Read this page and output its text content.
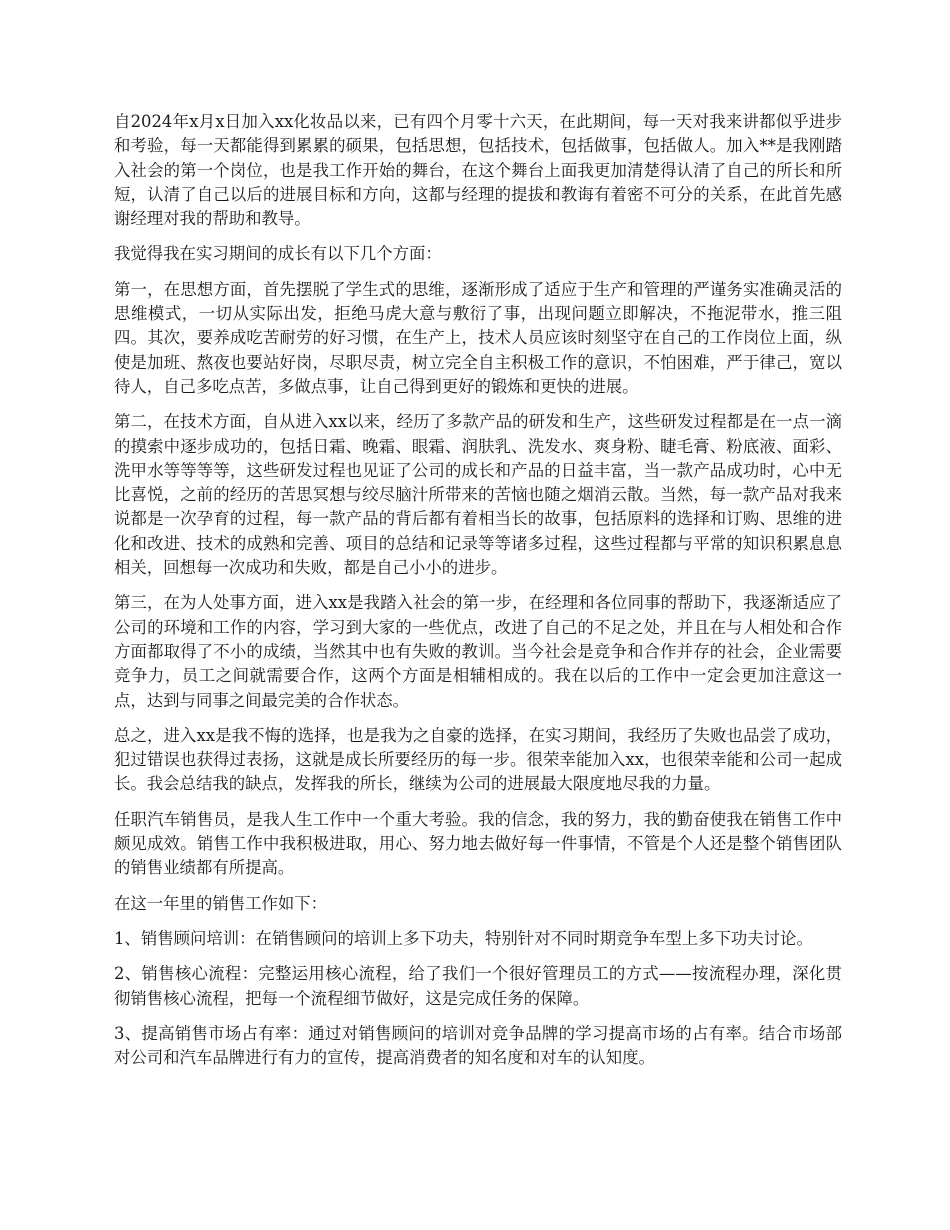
自2024年x月x日加入xx化妆品以来，已有四个月零十六天，在此期间，每一天对我来讲都似乎进步和考验，每一天都能得到累累的硕果，包括思想，包括技术，包括做事，包括做人。加入**是我刚踏入社会的第一个岗位，也是我工作开始的舞台，在这个舞台上面我更加清楚得认清了自己的所长和所短，认清了自己以后的进展目标和方向，这都与经理的提拔和教诲有着密不可分的关系，在此首先感谢经理对我的帮助和教导。

我觉得我在实习期间的成长有以下几个方面：

第一，在思想方面，首先摆脱了学生式的思维，逐渐形成了适应于生产和管理的严谨务实准确灵活的思维模式，一切从实际出发，拒绝马虎大意与敷衍了事，出现问题立即解决，不拖泥带水，推三阻四。其次，要养成吃苦耐劳的好习惯，在生产上，技术人员应该时刻坚守在自己的工作岗位上面，纵使是加班、熬夜也要站好岗，尽职尽责，树立完全自主积极工作的意识，不怕困难，严于律己，宽以待人，自己多吃点苦，多做点事，让自己得到更好的锻炼和更快的进展。

第二，在技术方面，自从进入xx以来，经历了多款产品的研发和生产，这些研发过程都是在一点一滴的摸索中逐步成功的，包括日霜、晚霜、眼霜、润肤乳、洗发水、爽身粉、睫毛膏、粉底液、面彩、洗甲水等等等等，这些研发过程也见证了公司的成长和产品的日益丰富，当一款产品成功时，心中无比喜悦，之前的经历的苦思冥想与绞尽脑汁所带来的苦恼也随之烟消云散。当然，每一款产品对我来说都是一次孕育的过程，每一款产品的背后都有着相当长的故事，包括原料的选择和订购、思维的进化和改进、技术的成熟和完善、项目的总结和记录等等诸多过程，这些过程都与平常的知识积累息息相关，回想每一次成功和失败，都是自己小小的进步。

第三，在为人处事方面，进入xx是我踏入社会的第一步，在经理和各位同事的帮助下，我逐渐适应了公司的环境和工作的内容，学习到大家的一些优点，改进了自己的不足之处，并且在与人相处和合作方面都取得了不小的成绩，当然其中也有失败的教训。当今社会是竞争和合作并存的社会，企业需要竞争力，员工之间就需要合作，这两个方面是相辅相成的。我在以后的工作中一定会更加注意这一点，达到与同事之间最完美的合作状态。

总之，进入xx是我不悔的选择，也是我为之自豪的选择，在实习期间，我经历了失败也品尝了成功，犯过错误也获得过表扬，这就是成长所要经历的每一步。很荣幸能加入xx，也很荣幸能和公司一起成长。我会总结我的缺点，发挥我的所长，继续为公司的进展最大限度地尽我的力量。

任职汽车销售员，是我人生工作中一个重大考验。我的信念，我的努力，我的勤奋使我在销售工作中颇见成效。销售工作中我积极进取，用心、努力地去做好每一件事情，不管是个人还是整个销售团队的销售业绩都有所提高。

在这一年里的销售工作如下：

1、销售顾问培训：在销售顾问的培训上多下功夫，特别针对不同时期竞争车型上多下功夫讨论。

2、销售核心流程：完整运用核心流程，给了我们一个很好管理员工的方式——按流程办理，深化贯彻销售核心流程，把每一个流程细节做好，这是完成任务的保障。

3、提高销售市场占有率：通过对销售顾问的培训对竞争品牌的学习提高市场的占有率。结合市场部对公司和汽车品牌进行有力的宣传，提高消费者的知名度和对车的认知度。
